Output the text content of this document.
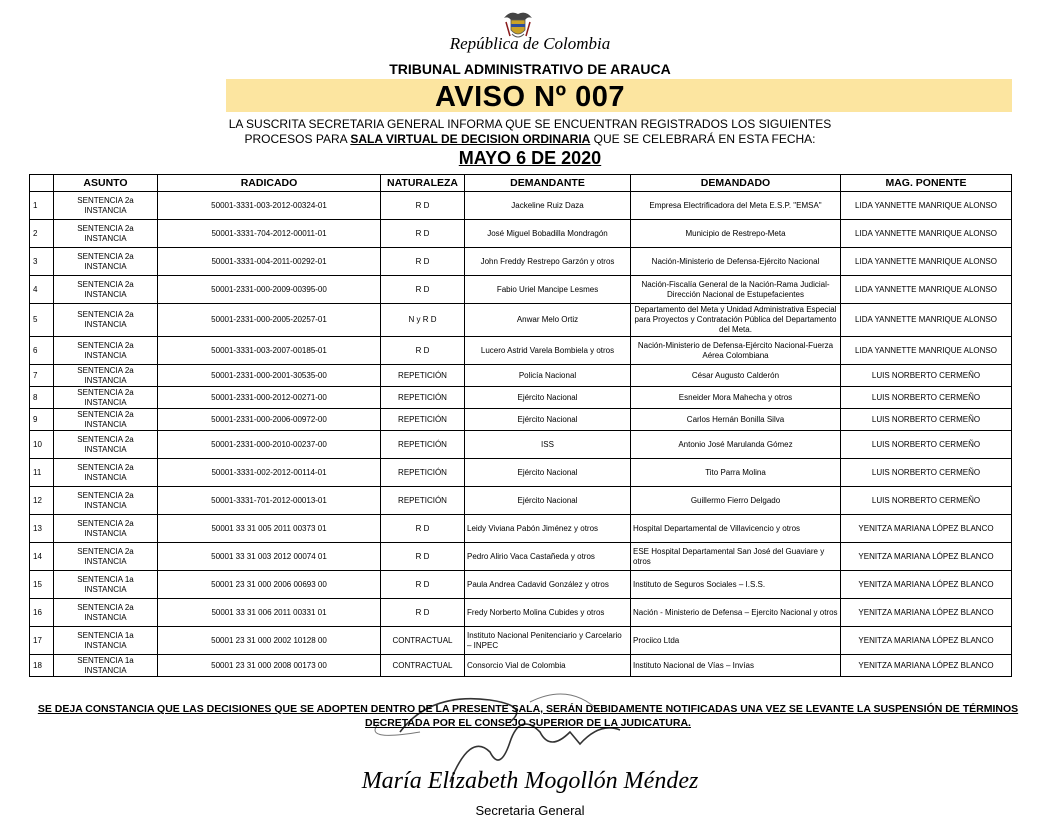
República de Colombia
TRIBUNAL ADMINISTRATIVO DE ARAUCA
AVISO Nº 007
LA SUSCRITA SECRETARIA GENERAL INFORMA QUE SE ENCUENTRAN REGISTRADOS LOS SIGUIENTES
PROCESOS PARA SALA VIRTUAL DE DECISION ORDINARIA QUE SE CELEBRARÁ EN ESTA FECHA:
MAYO 6 DE 2020
	ASUNTO	RADICADO	NATURALEZA	DEMANDANTE	DEMANDADO	MAG. PONENTE
1	SENTENCIA 2a INSTANCIA	50001-3331-003-2012-00324-01	R D	Jackeline Ruiz Daza	Empresa Electrificadora del Meta E.S.P. "EMSA"	LIDA YANNETTE MANRIQUE ALONSO
2	SENTENCIA 2a INSTANCIA	50001-3331-704-2012-00011-01	R D	José Miguel Bobadilla Mondragón	Municipio de Restrepo-Meta	LIDA YANNETTE MANRIQUE ALONSO
3	SENTENCIA 2a INSTANCIA	50001-3331-004-2011-00292-01	R D	John Freddy Restrepo Garzón y otros	Nación-Ministerio de Defensa-Ejército Nacional	LIDA YANNETTE MANRIQUE ALONSO
4	SENTENCIA 2a INSTANCIA	50001-2331-000-2009-00395-00	R D	Fabio Uriel Mancipe Lesmes	Nación-Fiscalía General de la Nación-Rama Judicial-Dirección Nacional de Estupefacientes	LIDA YANNETTE MANRIQUE ALONSO
5	SENTENCIA 2a INSTANCIA	50001-2331-000-2005-20257-01	N y R D	Anwar Melo Ortiz	Departamento del Meta y Unidad Administrativa Especial para Proyectos y Contratación Pública del Departamento del Meta.	LIDA YANNETTE MANRIQUE ALONSO
6	SENTENCIA 2a INSTANCIA	50001-3331-003-2007-00185-01	R D	Lucero Astrid Varela Bombiela y otros	Nación-Ministerio de Defensa-Ejército Nacional-Fuerza Aérea Colombiana	LIDA YANNETTE MANRIQUE ALONSO
7	SENTENCIA 2a INSTANCIA	50001-2331-000-2001-30535-00	REPETICIÓN	Policía Nacional	César Augusto Calderón	LUIS NORBERTO CERMEÑO
8	SENTENCIA 2a INSTANCIA	50001-2331-000-2012-00271-00	REPETICIÓN	Ejército Nacional	Esneider Mora Mahecha y otros	LUIS NORBERTO CERMEÑO
9	SENTENCIA 2a INSTANCIA	50001-2331-000-2006-00972-00	REPETICIÓN	Ejército Nacional	Carlos Hernán Bonilla Silva	LUIS NORBERTO CERMEÑO
10	SENTENCIA 2a INSTANCIA	50001-2331-000-2010-00237-00	REPETICIÓN	ISS	Antonio José Marulanda Gómez	LUIS NORBERTO CERMEÑO
11	SENTENCIA 2a INSTANCIA	50001-3331-002-2012-00114-01	REPETICIÓN	Ejército Nacional	Tito Parra Molina	LUIS NORBERTO CERMEÑO
12	SENTENCIA 2a INSTANCIA	50001-3331-701-2012-00013-01	REPETICIÓN	Ejército Nacional	Guillermo Fierro Delgado	LUIS NORBERTO CERMEÑO
13	SENTENCIA 2a INSTANCIA	50001 33 31 005 2011 00373 01	R D	Leidy Viviana Pabón Jiménez y otros	Hospital Departamental de Villavicencio y otros	YENITZA MARIANA LÓPEZ BLANCO
14	SENTENCIA 2a INSTANCIA	50001 33 31 003 2012 00074 01	R D	Pedro Alirio Vaca Castañeda y otros	ESE Hospital Departamental San José del Guaviare y otros	YENITZA MARIANA LÓPEZ BLANCO
15	SENTENCIA 1a INSTANCIA	50001 23 31 000 2006 00693 00	R D	Paula Andrea Cadavid González y otros	Instituto de Seguros Sociales – I.S.S.	YENITZA MARIANA LÓPEZ BLANCO
16	SENTENCIA 2a INSTANCIA	50001 33 31 006 2011 00331 01	R D	Fredy Norberto Molina Cubides y otros	Nación - Ministerio de Defensa – Ejercito Nacional y otros	YENITZA MARIANA LÓPEZ BLANCO
17	SENTENCIA 1a INSTANCIA	50001 23 31 000 2002 10128 00	CONTRACTUAL	Instituto Nacional Penitenciario y Carcelario – INPEC	Prociico Ltda	YENITZA MARIANA LÓPEZ BLANCO
18	SENTENCIA 1a INSTANCIA	50001 23 31 000 2008 00173 00	CONTRACTUAL	Consorcio Vial de Colombia	Instituto Nacional de Vías – Invías	YENITZA MARIANA LÓPEZ BLANCO
SE DEJA CONSTANCIA QUE LAS DECISIONES QUE SE ADOPTEN DENTRO DE LA PRESENTE SALA, SERÁN DEBIDAMENTE NOTIFICADAS UNA VEZ SE LEVANTE LA SUSPENSIÓN DE TÉRMINOS
DECRETADA POR EL CONSEJO SUPERIOR DE LA JUDICATURA.
María Elizabeth Mogollón Méndez
Secretaria General
